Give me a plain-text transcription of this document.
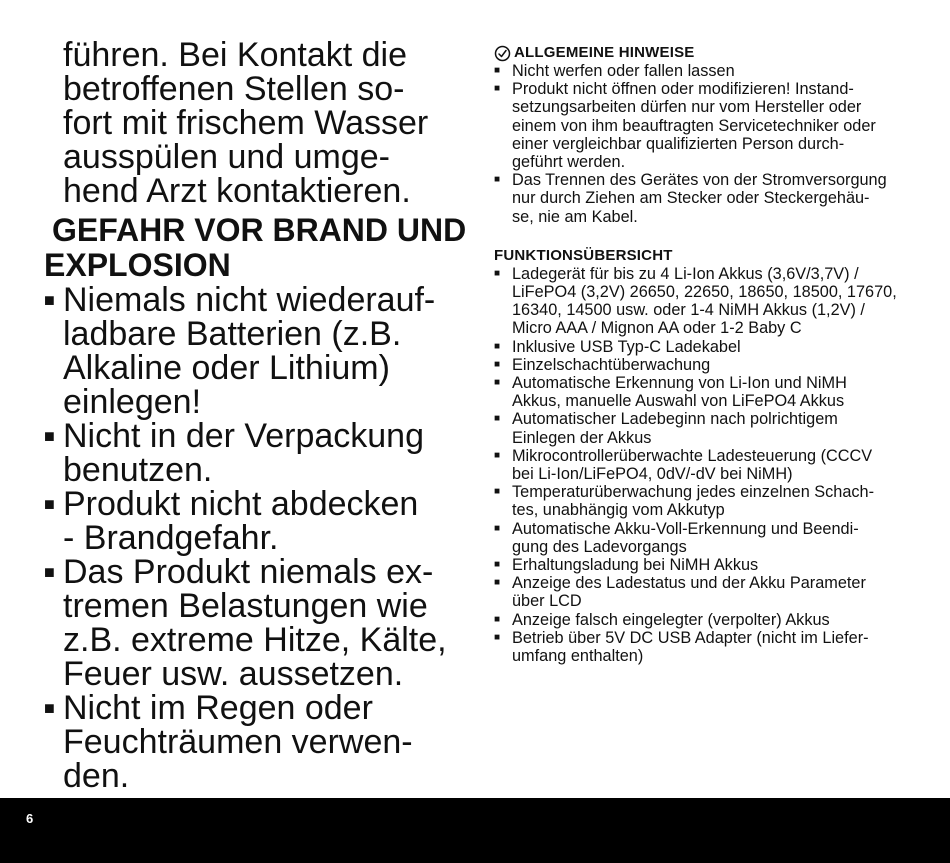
führen. Bei Kontakt die
betroffenen Stellen so-
fort mit frischem Wasser
ausspülen und umge-
hend Arzt kontaktieren.
GEFAHR VOR BRAND UND
EXPLOSION
■ Niemals nicht wiederauf-
ladbare Batterien (z.B.
Alkaline oder Lithium)
einlegen!
■ Nicht in der Verpackung
benutzen.
■ Produkt nicht abdecken
- Brandgefahr.
■ Das Produkt niemals ex-
tremen Belastungen wie
z.B. extreme Hitze, Kälte,
Feuer usw. aussetzen.
■ Nicht im Regen oder
Feuchträumen verwen-
den.
ALLGEMEINE HINWEISE
■ Nicht werfen oder fallen lassen
■ Produkt nicht öffnen oder modifizieren! Instand-
setzungsarbeiten dürfen nur vom Hersteller oder
einem von ihm beauftragten Servicetechniker oder
einer vergleichbar qualifizierten Person durch-
geführt werden.
■ Das Trennen des Gerätes von der Stromversorgung
nur durch Ziehen am Stecker oder Steckergehäu-
se, nie am Kabel.
FUNKTIONSÜBERSICHT
■ Ladegerät für bis zu 4 Li-Ion Akkus (3,6V/3,7V) /
LiFePO4 (3,2V) 26650, 22650, 18650, 18500, 17670,
16340, 14500 usw. oder 1-4 NiMH Akkus (1,2V) /
Micro AAA / Mignon AA oder 1-2 Baby C
■ Inklusive USB Typ-C Ladekabel
■ Einzelschachtüberwachung
■ Automatische Erkennung von Li-Ion und NiMH
Akkus, manuelle Auswahl von LiFePO4 Akkus
■ Automatischer Ladebeginn nach polrichtigem
Einlegen der Akkus
■ Mikrocontrollerüberwachte Ladesteuerung (CCCV
bei Li-Ion/LiFePO4, 0dV/-dV bei NiMH)
■ Temperaturüberwachung jedes einzelnen Schach-
tes, unabhängig vom Akkutyp
■ Automatische Akku-Voll-Erkennung und Beendi-
gung des Ladevorgangs
■ Erhaltungsladung bei NiMH Akkus
■ Anzeige des Ladestatus und der Akku Parameter
über LCD
■ Anzeige falsch eingelegter (verpolter) Akkus
■ Betrieb über 5V DC USB Adapter (nicht im Liefer-
umfang enthalten)
6
